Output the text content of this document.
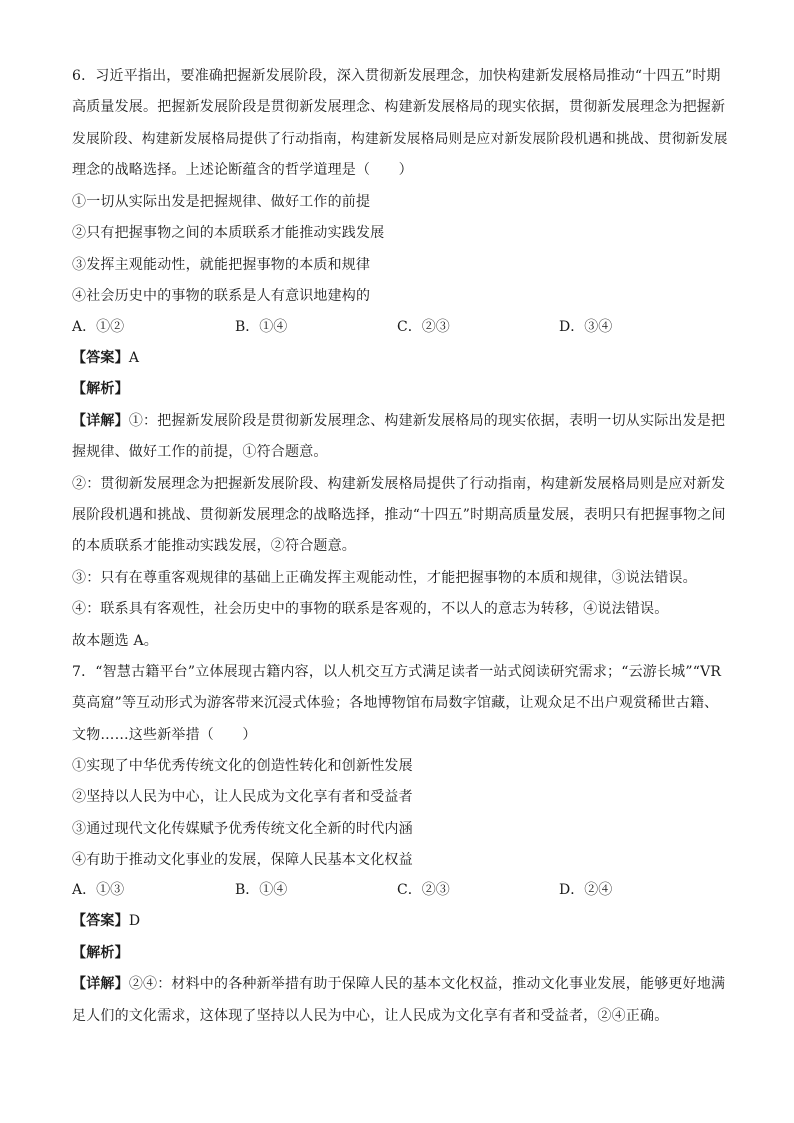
6．习近平指出，要准确把握新发展阶段，深入贯彻新发展理念，加快构建新发展格局推动“十四五”时期
高质量发展。把握新发展阶段是贯彻新发展理念、构建新发展格局的现实依据，贯彻新发展理念为把握新
发展阶段、构建新发展格局提供了行动指南，构建新发展格局则是应对新发展阶段机遇和挑战、贯彻新发展
理念的战略选择。上述论断蕴含的哲学道理是（　　）
①一切从实际出发是把握规律、做好工作的前提
②只有把握事物之间的本质联系才能推动实践发展
③发挥主观能动性，就能把握事物的本质和规律
④社会历史中的事物的联系是人有意识地建构的
A．①②	B．①④	C．②③	D．③④
【答案】A
【解析】
【详解】①：把握新发展阶段是贯彻新发展理念、构建新发展格局的现实依据，表明一切从实际出发是把
握规律、做好工作的前提，①符合题意。
②：贯彻新发展理念为把握新发展阶段、构建新发展格局提供了行动指南，构建新发展格局则是应对新发
展阶段机遇和挑战、贯彻新发展理念的战略选择，推动“十四五”时期高质量发展，表明只有把握事物之间
的本质联系才能推动实践发展，②符合题意。
③：只有在尊重客观规律的基础上正确发挥主观能动性，才能把握事物的本质和规律，③说法错误。
④：联系具有客观性，社会历史中的事物的联系是客观的，不以人的意志为转移，④说法错误。
故本题选 A。
7．“智慧古籍平台”立体展现古籍内容，以人机交互方式满足读者一站式阅读研究需求；“云游长城”“VR
莫高窟”等互动形式为游客带来沉浸式体验；各地博物馆布局数字馆藏，让观众足不出户观赏稀世古籍、
文物……这些新举措（　　）
①实现了中华优秀传统文化的创造性转化和创新性发展
②坚持以人民为中心，让人民成为文化享有者和受益者
③通过现代文化传媒赋予优秀传统文化全新的时代内涵
④有助于推动文化事业的发展，保障人民基本文化权益
A．①③	B．①④	C．②③	D．②④
【答案】D
【解析】
【详解】②④：材料中的各种新举措有助于保障人民的基本文化权益，推动文化事业发展，能够更好地满
足人们的文化需求，这体现了坚持以人民为中心，让人民成为文化享有者和受益者，②④正确。
